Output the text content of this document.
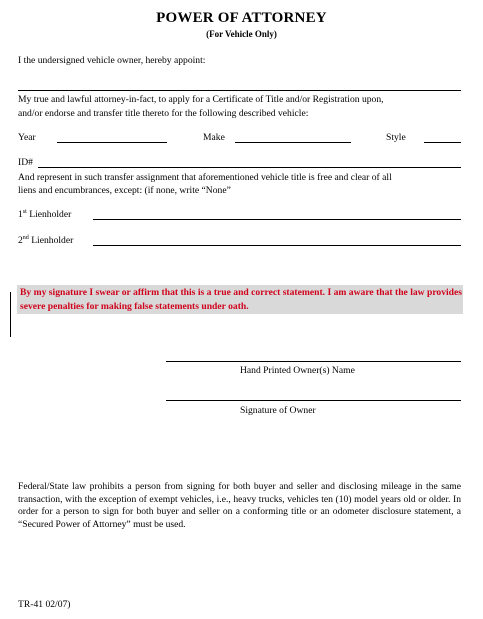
POWER OF ATTORNEY
(For Vehicle Only)
I the undersigned vehicle owner, hereby appoint:
My true and lawful attorney-in-fact, to apply for a Certificate of Title and/or Registration upon,
and/or endorse and transfer title thereto for the following described vehicle:
Year	Make	Style
ID#
And represent in such transfer assignment that aforementioned vehicle title is free and clear of all
liens and encumbrances, except: (if none, write “None”
1st Lienholder
2nd Lienholder
By my signature I swear or affirm that this is a true and correct statement. I am aware that the law provides severe penalties for making false statements under oath.
Hand Printed Owner(s) Name
Signature of Owner
Federal/State law prohibits a person from signing for both buyer and seller and disclosing mileage in the same transaction, with the exception of exempt vehicles, i.e., heavy trucks, vehicles ten (10) model years old or older. In order for a person to sign for both buyer and seller on a conforming title or an odometer disclosure statement, a “Secured Power of Attorney” must be used.
TR-41 02/07)
